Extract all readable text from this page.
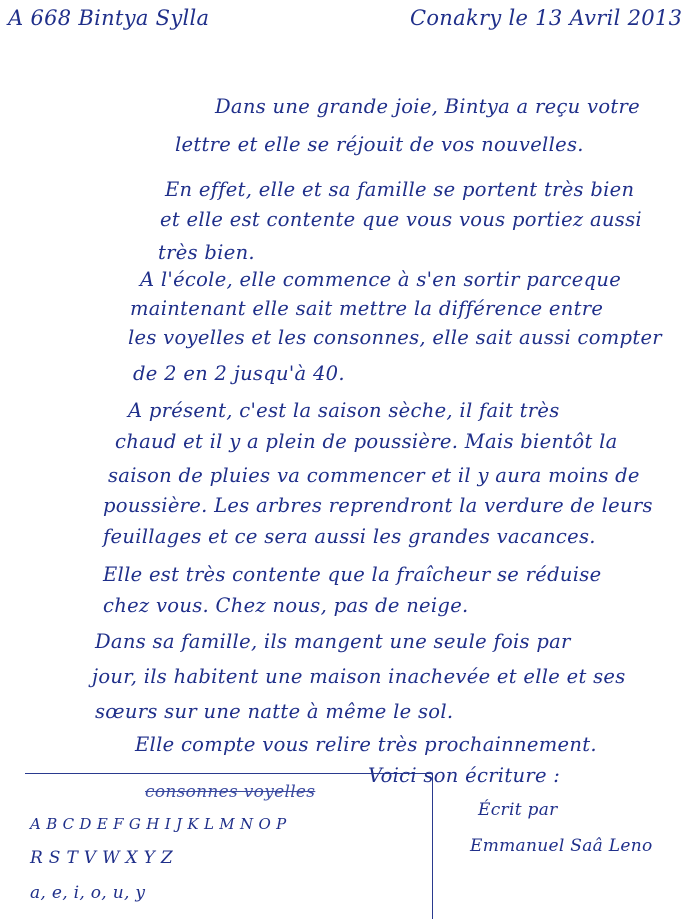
A 668 Bintya Sylla	Conakry le 13 Avril 2013
Dans une grande joie, Bintya a reçu votre
lettre et elle se réjouit de vos nouvelles.
En effet, elle et sa famille se portent très bien
et elle est contente que vous vous portiez aussi
très bien.
A l'école, elle commence à s'en sortir parceque
maintenant elle sait mettre la différence entre
les voyelles et les consonnes, elle sait aussi compter
de 2 en 2 jusqu'à 40.
A présent, c'est la saison sèche, il fait très
chaud et il y a plein de poussière. Mais bientôt la
saison de pluies va commencer et il y aura moins de
poussière. Les arbres reprendront la verdure de leurs
feuillages et ce sera aussi les grandes vacances.
Elle est très contente que la fraîcheur se réduise
chez vous. Chez nous, pas de neige.
Dans sa famille, ils mangent une seule fois par
jour, ils habitent une maison inachevée et elle et ses
sœurs sur une natte à même le sol.
Elle compte vous relire très prochainnement.
Voici son écriture :
consonnes voyelles
A B C D E F G H I J K L M N O P
R S T V W X Y Z
a, e, i, o, u, y
Écrit par
Emmanuel Saâ Leno
